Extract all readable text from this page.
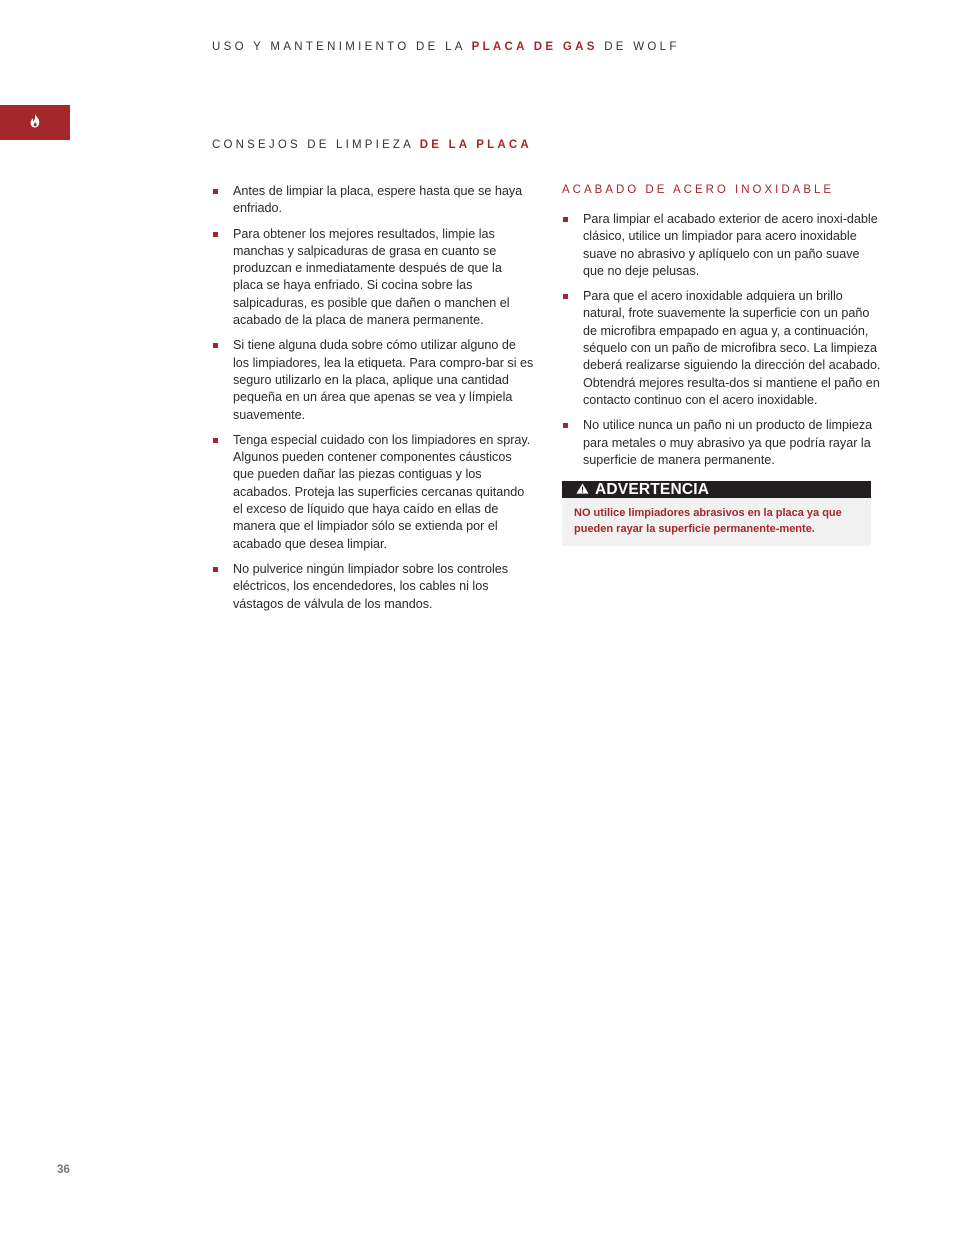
USO Y MANTENIMIENTO DE LA PLACA DE GAS DE WOLF
CONSEJOS DE LIMPIEZA DE LA PLACA
Antes de limpiar la placa, espere hasta que se haya enfriado.
Para obtener los mejores resultados, limpie las manchas y salpicaduras de grasa en cuanto se produzcan e inmediatamente después de que la placa se haya enfriado. Si cocina sobre las salpicaduras, es posible que dañen o manchen el acabado de la placa de manera permanente.
Si tiene alguna duda sobre cómo utilizar alguno de los limpiadores, lea la etiqueta. Para compro-bar si es seguro utilizarlo en la placa, aplique una cantidad pequeña en un área que apenas se vea y límpiela suavemente.
Tenga especial cuidado con los limpiadores en spray. Algunos pueden contener componentes cáusticos que pueden dañar las piezas contiguas y los acabados. Proteja las superficies cercanas quitando el exceso de líquido que haya caído en ellas de manera que el limpiador sólo se extienda por el acabado que desea limpiar.
No pulverice ningún limpiador sobre los controles eléctricos, los encendedores, los cables ni los vástagos de válvula de los mandos.
ACABADO DE ACERO INOXIDABLE
Para limpiar el acabado exterior de acero inoxi-dable clásico, utilice un limpiador para acero inoxidable suave no abrasivo y aplíquelo con un paño suave que no deje pelusas.
Para que el acero inoxidable adquiera un brillo natural, frote suavemente la superficie con un paño de microfibra empapado en agua y, a continuación, séquelo con un paño de microfibra seco. La limpieza deberá realizarse siguiendo la dirección del acabado. Obtendrá mejores resulta-dos si mantiene el paño en contacto continuo con el acero inoxidable.
No utilice nunca un paño ni un producto de limpieza para metales o muy abrasivo ya que podría rayar la superficie de manera permanente.
ADVERTENCIA
NO utilice limpiadores abrasivos en la placa ya que pueden rayar la superficie permanente-mente.
36
